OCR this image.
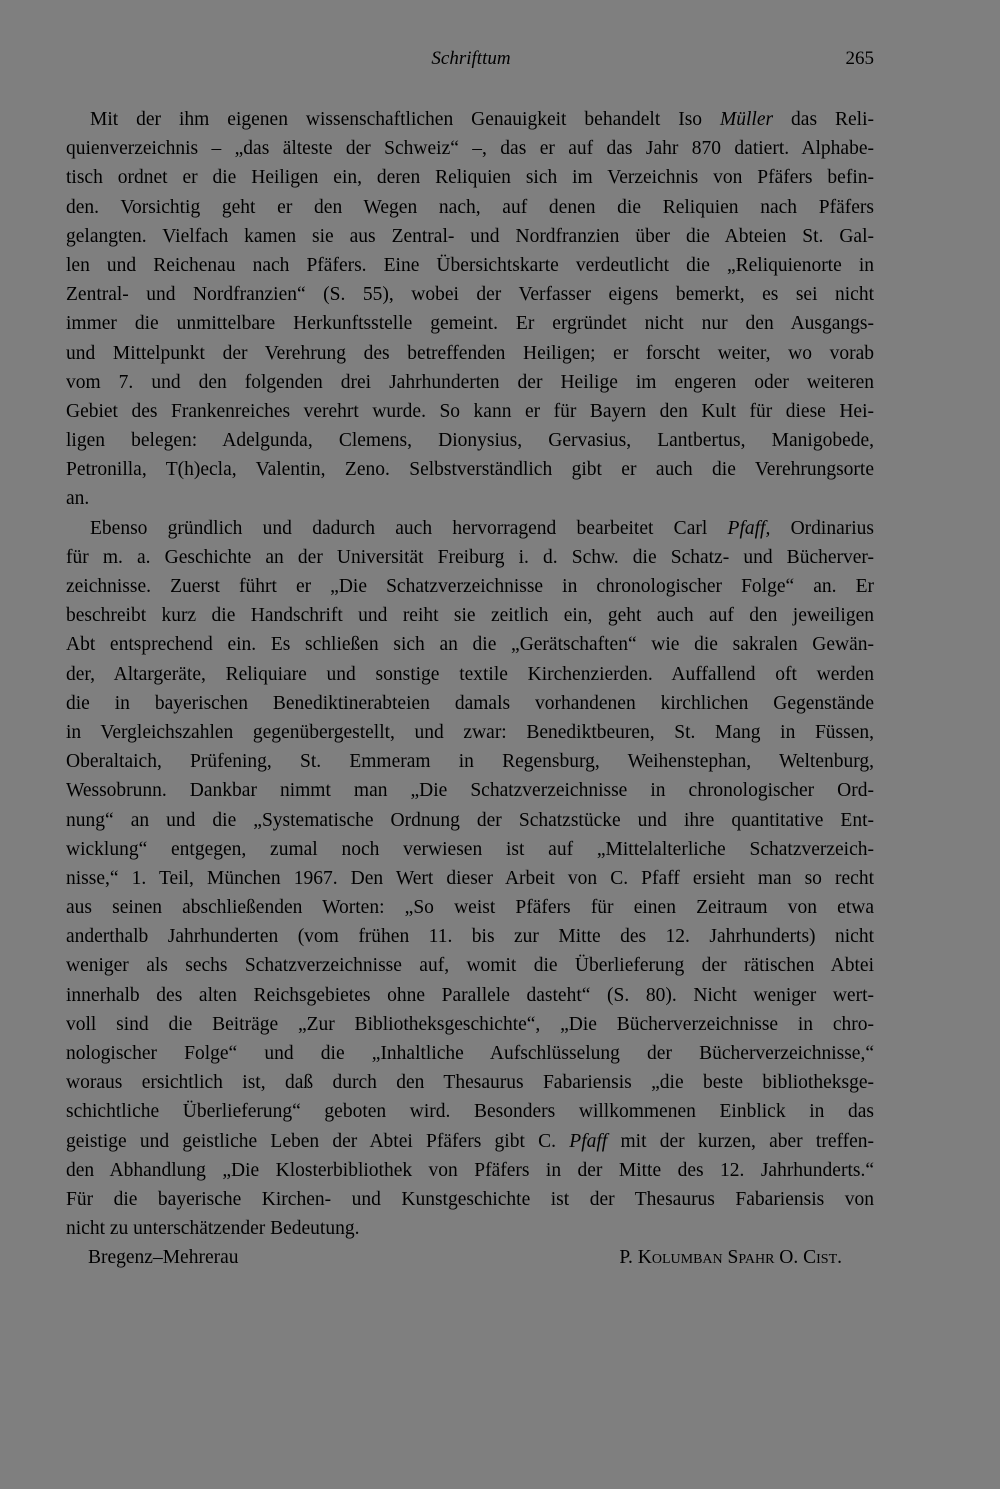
Schrifttum	265
Mit der ihm eigenen wissenschaftlichen Genauigkeit behandelt Iso Müller das Reli-
quienverzeichnis – „das älteste der Schweiz“ –, das er auf das Jahr 870 datiert. Alphabe-
tisch ordnet er die Heiligen ein, deren Reliquien sich im Verzeichnis von Pfäfers befin-
den. Vorsichtig geht er den Wegen nach, auf denen die Reliquien nach Pfäfers
gelangten. Vielfach kamen sie aus Zentral- und Nordfranzien über die Abteien St. Gal-
len und Reichenau nach Pfäfers. Eine Übersichtskarte verdeutlicht die „Reliquienorte in
Zentral- und Nordfranzien“ (S. 55), wobei der Verfasser eigens bemerkt, es sei nicht
immer die unmittelbare Herkunftsstelle gemeint. Er ergründet nicht nur den Ausgangs-
und Mittelpunkt der Verehrung des betreffenden Heiligen; er forscht weiter, wo vorab
vom 7. und den folgenden drei Jahrhunderten der Heilige im engeren oder weiteren
Gebiet des Frankenreiches verehrt wurde. So kann er für Bayern den Kult für diese Hei-
ligen belegen: Adelgunda, Clemens, Dionysius, Gervasius, Lantbertus, Manigobede,
Petronilla, T(h)ecla, Valentin, Zeno. Selbstverständlich gibt er auch die Verehrungsorte
an.
Ebenso gründlich und dadurch auch hervorragend bearbeitet Carl Pfaff, Ordinarius
für m. a. Geschichte an der Universität Freiburg i. d. Schw. die Schatz- und Bücherver-
zeichnisse. Zuerst führt er „Die Schatzverzeichnisse in chronologischer Folge“ an. Er
beschreibt kurz die Handschrift und reiht sie zeitlich ein, geht auch auf den jeweiligen
Abt entsprechend ein. Es schließen sich an die „Gerätschaften“ wie die sakralen Gewän-
der, Altargeräte, Reliquiare und sonstige textile Kirchenzierden. Auffallend oft werden
die in bayerischen Benediktinerabteien damals vorhandenen kirchlichen Gegenstände
in Vergleichszahlen gegenübergestellt, und zwar: Benediktbeuren, St. Mang in Füssen,
Oberaltaich, Prüfening, St. Emmeram in Regensburg, Weihenstephan, Weltenburg,
Wessobrunn. Dankbar nimmt man „Die Schatzverzeichnisse in chronologischer Ord-
nung“ an und die „Systematische Ordnung der Schatzstücke und ihre quantitative Ent-
wicklung“ entgegen, zumal noch verwiesen ist auf „Mittelalterliche Schatzverzeich-
nisse,“ 1. Teil, München 1967. Den Wert dieser Arbeit von C. Pfaff ersieht man so recht
aus seinen abschließenden Worten: „So weist Pfäfers für einen Zeitraum von etwa
anderthalb Jahrhunderten (vom frühen 11. bis zur Mitte des 12. Jahrhunderts) nicht
weniger als sechs Schatzverzeichnisse auf, womit die Überlieferung der rätischen Abtei
innerhalb des alten Reichsgebietes ohne Parallele dasteht“ (S. 80). Nicht weniger wert-
voll sind die Beiträge „Zur Bibliotheksgeschichte“, „Die Bücherverzeichnisse in chro-
nologischer Folge“ und die „Inhaltliche Aufschlüsselung der Bücherverzeichnisse,“
woraus ersichtlich ist, daß durch den Thesaurus Fabariensis „die beste bibliotheksge-
schichtliche Überlieferung“ geboten wird. Besonders willkommenen Einblick in das
geistige und geistliche Leben der Abtei Pfäfers gibt C. Pfaff mit der kurzen, aber treffen-
den Abhandlung „Die Klosterbibliothek von Pfäfers in der Mitte des 12. Jahrhunderts.“
Für die bayerische Kirchen- und Kunstgeschichte ist der Thesaurus Fabariensis von
nicht zu unterschätzender Bedeutung.
Bregenz–Mehrerau	P. Kolumban Spahr O. Cist.
